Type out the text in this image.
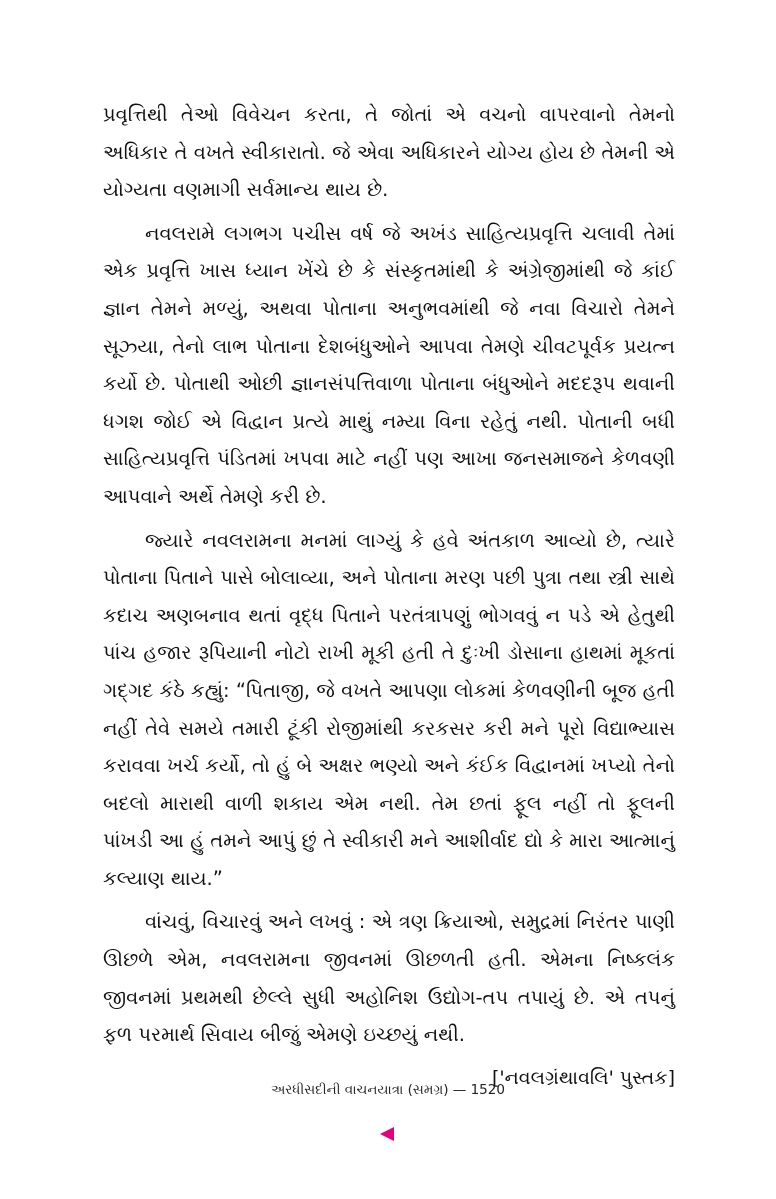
પ્રવૃત્તિથી તેઓ વિવેચન કરતા, તે જોતાં એ વચનો વાપરવાનો તેમનો અધિકાર તે વખતે સ્વીકારાતો. જે એવા અધિકારને યોગ્ય હોય છે તેમની એ યોગ્યતા વણમાગી સર્વમાન્ય થાય છે.

નવલરામે લગભગ પચીસ વર્ષ જે અખંડ સાહિત્યપ્રવૃત્તિ ચલાવી તેમાં એક પ્રવૃત્તિ ખાસ ધ્યાન ખેંચે છે કે સંસ્કૃતમાંથી કે અંગ્રેજીમાંથી જે કાંઈ જ્ઞાન તેમને મળ્યું, અથવા પોતાના અનુભવમાંથી જે નવા વિચારો તેમને સૂઝ્યા, તેનો લાભ પોતાના દેશબંધુઓને આપવા તેમણે ચીવટપૂર્વક પ્રયત્ન કર્યો છે. પોતાથી ઓછી જ્ઞાનસંપત્તિવાળા પોતાના બંધુઓને મદદરૂપ થવાની ધગશ જોઈ એ વિદ્વાન પ્રત્યે માથું નમ્યા વિના રહેતું નથી. પોતાની બધી સાહિત્યપ્રવૃત્તિ પંડિતમાં ખપવા માટે નહીં પણ આખા જનસમાજને કેળવણી આપવાને અર્થે તેમણે કરી છે.

જ્યારે નવલરામના મનમાં લાગ્યું કે હવે અંતકાળ આવ્યો છે, ત્યારે પોતાના પિતાને પાસે બોલાવ્યા, અને પોતાના મરણ પછી પુત્રા તથા સ્ત્રી સાથે કદાચ અણબનાવ થતાં વૃદ્ધ પિતાને પરતંત્રાપણું ભોગવવું ન પડે એ હેતુથી પાંચ હજાર રૂપિયાની નોટો રાખી મૂકી હતી તે દુઃખી ડોસાના હાથમાં મૂકતાં ગદ્ગદ કંઠે કહ્યું: “પિતાજી, જે વખતે આપણા લોકમાં કેળવણીની બૂજ હતી નહીં તેવે સમયે તમારી ટૂંકી રોજીમાંથી કરકસર કરી મને પૂરો વિદ્યાભ્યાસ કરાવવા ખર્ચ કર્યો, તો હું બે અક્ષર ભણ્યો અને કંઈક વિદ્વાનમાં ખપ્યો તેનો બદલો મારાથી વાળી શકાય એમ નથી. તેમ છતાં ફૂલ નહીં તો ફૂલની પાંખડી આ હું તમને આપું છું તે સ્વીકારી મને આશીર્વાદ દ્યો કે મારા આત્માનું કલ્યાણ થાય.”

વાંચવું, વિચારવું અને લખવું : એ ત્રણ ક્રિયાઓ, સમુદ્રમાં નિરંતર પાણી ઊછળે એમ, નવલરામના જીવનમાં ઊછળતી હતી. એમના નિષ્કલંક જીવનમાં પ્રથમથી છેલ્લે સુધી અહોનિશ ઉદ્યોગ-તપ તપાયું છે. એ તપનું ફળ પરમાર્થ સિવાય બીજું એમણે ઇચ્છયું નથી.

['નવલગ્રંથાવલિ' પુસ્તક]
અરધીસદીની વાચનયાત્રા (સમગ્ર) — 1520
